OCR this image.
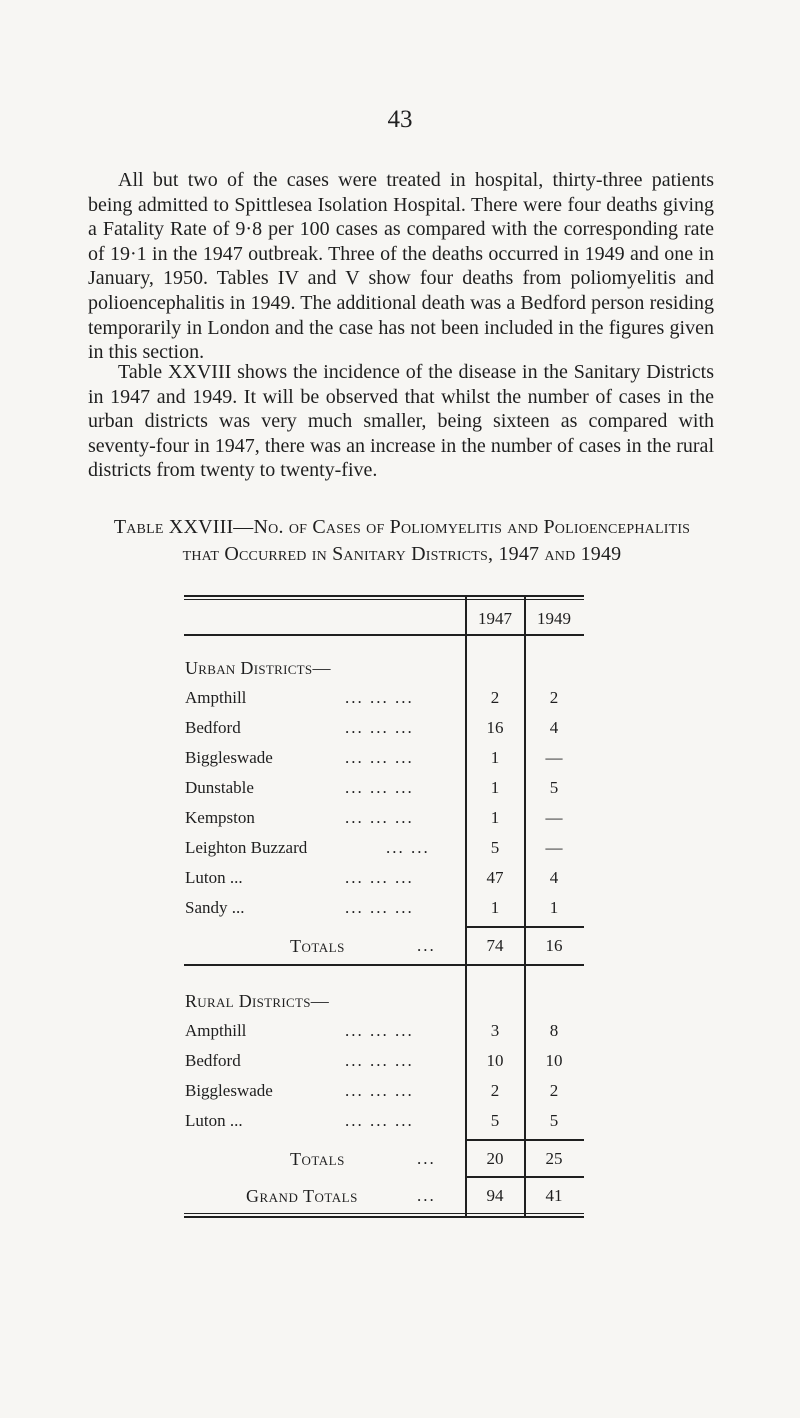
43

All but two of the cases were treated in hospital, thirty-three patients being admitted to Spittlesea Isolation Hospital. There were four deaths giving a Fatality Rate of 9·8 per 100 cases as compared with the corresponding rate of 19·1 in the 1947 outbreak. Three of the deaths occurred in 1949 and one in January, 1950. Tables IV and V show four deaths from poliomyelitis and polioencephalitis in 1949. The additional death was a Bedford person residing temporarily in London and the case has not been included in the figures given in this section.

Table XXVIII shows the incidence of the disease in the Sanitary Districts in 1947 and 1949. It will be observed that whilst the number of cases in the urban districts was very much smaller, being sixteen as compared with seventy-four in 1947, there was an increase in the number of cases in the rural districts from twenty to twenty-five.

Table XXVIII—No. of Cases of Poliomyelitis and Polioencephalitis
that Occurred in Sanitary Districts, 1947 and 1949
1947 1949
Urban Districts—
Ampthill	... ... ...	2	2
Bedford	... ... ...	16	4
Biggleswade	... ... ...	1	—
Dunstable	... ... ...	1	5
Kempston	... ... ...	1	—
Leighton Buzzard	... ...	5	—
Luton ...	... ... ...	47	4
Sandy ...	... ... ...	1	1
Totals	...	74	16
Rural Districts—
Ampthill	... ... ...	3	8
Bedford	... ... ...	10	10
Biggleswade	... ... ...	2	2
Luton ...	... ... ...	5	5
Totals	...	20	25
Grand Totals	...	94	41
